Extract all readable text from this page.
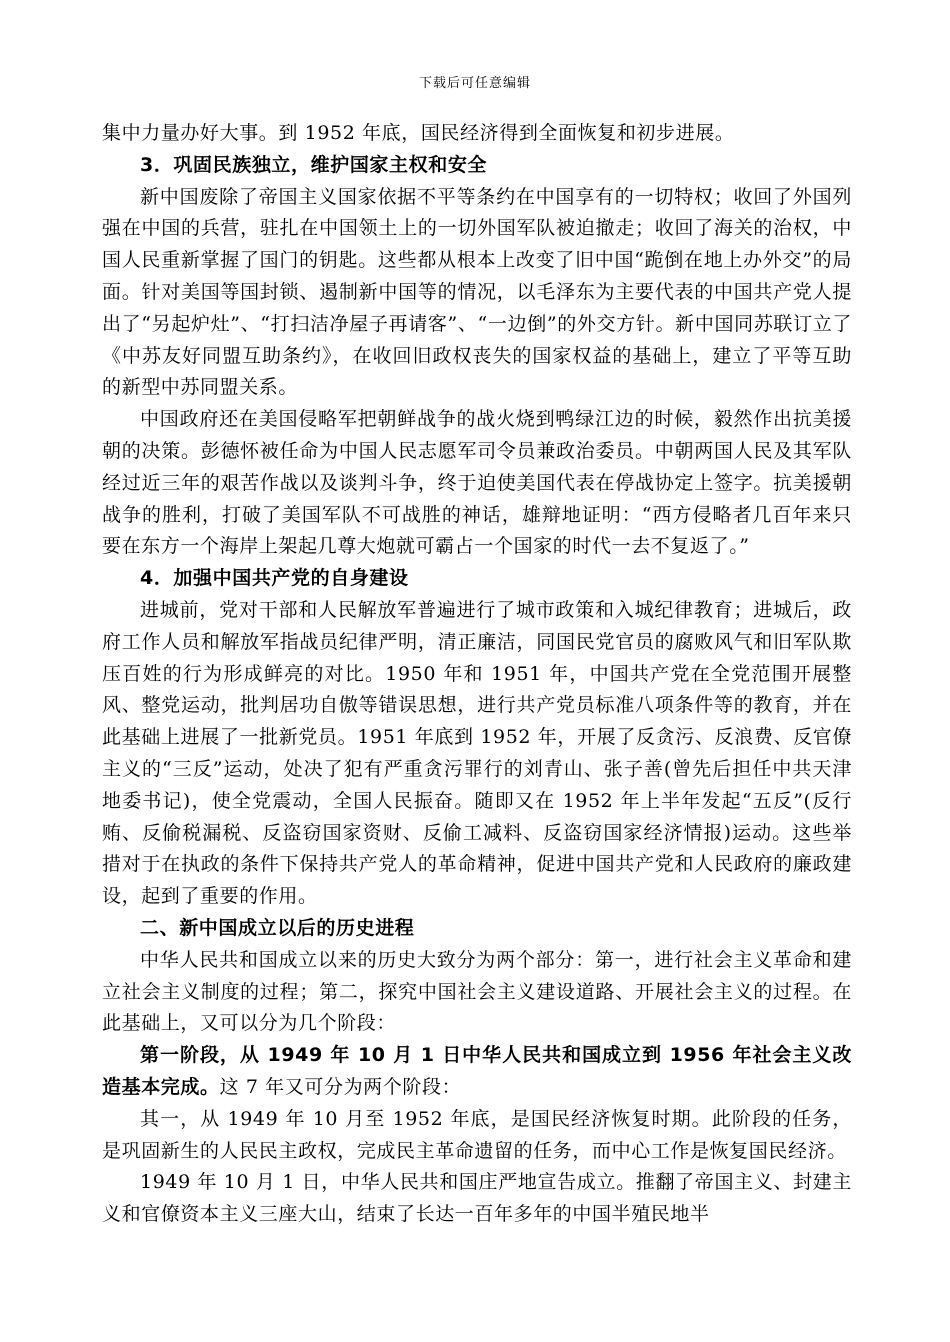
下载后可任意编辑

集中力量办好大事。到 1952 年底，国民经济得到全面恢复和初步进展。

3．巩固民族独立，维护国家主权和安全

新中国废除了帝国主义国家依据不平等条约在中国享有的一切特权；收回了外国列强在中国的兵营，驻扎在中国领土上的一切外国军队被迫撤走；收回了海关的治权，中国人民重新掌握了国门的钥匙。这些都从根本上改变了旧中国“跪倒在地上办外交”的局面。针对美国等国封锁、遏制新中国等的情况，以毛泽东为主要代表的中国共产党人提出了“另起炉灶”、“打扫洁净屋子再请客”、“一边倒”的外交方针。新中国同苏联订立了《中苏友好同盟互助条约》，在收回旧政权丧失的国家权益的基础上，建立了平等互助的新型中苏同盟关系。

中国政府还在美国侵略军把朝鲜战争的战火烧到鸭绿江边的时候，毅然作出抗美援朝的决策。彭德怀被任命为中国人民志愿军司令员兼政治委员。中朝两国人民及其军队经过近三年的艰苦作战以及谈判斗争，终于迫使美国代表在停战协定上签字。抗美援朝战争的胜利，打破了美国军队不可战胜的神话，雄辩地证明：“西方侵略者几百年来只要在东方一个海岸上架起几尊大炮就可霸占一个国家的时代一去不复返了。”

4．加强中国共产党的自身建设

进城前，党对干部和人民解放军普遍进行了城市政策和入城纪律教育；进城后，政府工作人员和解放军指战员纪律严明，清正廉洁，同国民党官员的腐败风气和旧军队欺压百姓的行为形成鲜亮的对比。1950 年和 1951 年，中国共产党在全党范围开展整风、整党运动，批判居功自傲等错误思想，进行共产党员标准八项条件等的教育，并在此基础上进展了一批新党员。1951 年底到 1952 年，开展了反贪污、反浪费、反官僚主义的“三反”运动，处决了犯有严重贪污罪行的刘青山、张子善(曾先后担任中共天津地委书记)，使全党震动，全国人民振奋。随即又在 1952 年上半年发起“五反”(反行贿、反偷税漏税、反盗窃国家资财、反偷工减料、反盗窃国家经济情报)运动。这些举措对于在执政的条件下保持共产党人的革命精神，促进中国共产党和人民政府的廉政建设，起到了重要的作用。

二、新中国成立以后的历史进程

中华人民共和国成立以来的历史大致分为两个部分：第一，进行社会主义革命和建立社会主义制度的过程；第二，探究中国社会主义建设道路、开展社会主义的过程。在此基础上，又可以分为几个阶段：

第一阶段，从 1949 年 10 月 1 日中华人民共和国成立到 1956 年社会主义改造基本完成。这 7 年又可分为两个阶段：

其一，从 1949 年 10 月至 1952 年底，是国民经济恢复时期。此阶段的任务，是巩固新生的人民民主政权，完成民主革命遗留的任务，而中心工作是恢复国民经济。

1949 年 10 月 1 日，中华人民共和国庄严地宣告成立。推翻了帝国主义、封建主义和官僚资本主义三座大山，结束了长达一百年多年的中国半殖民地半
